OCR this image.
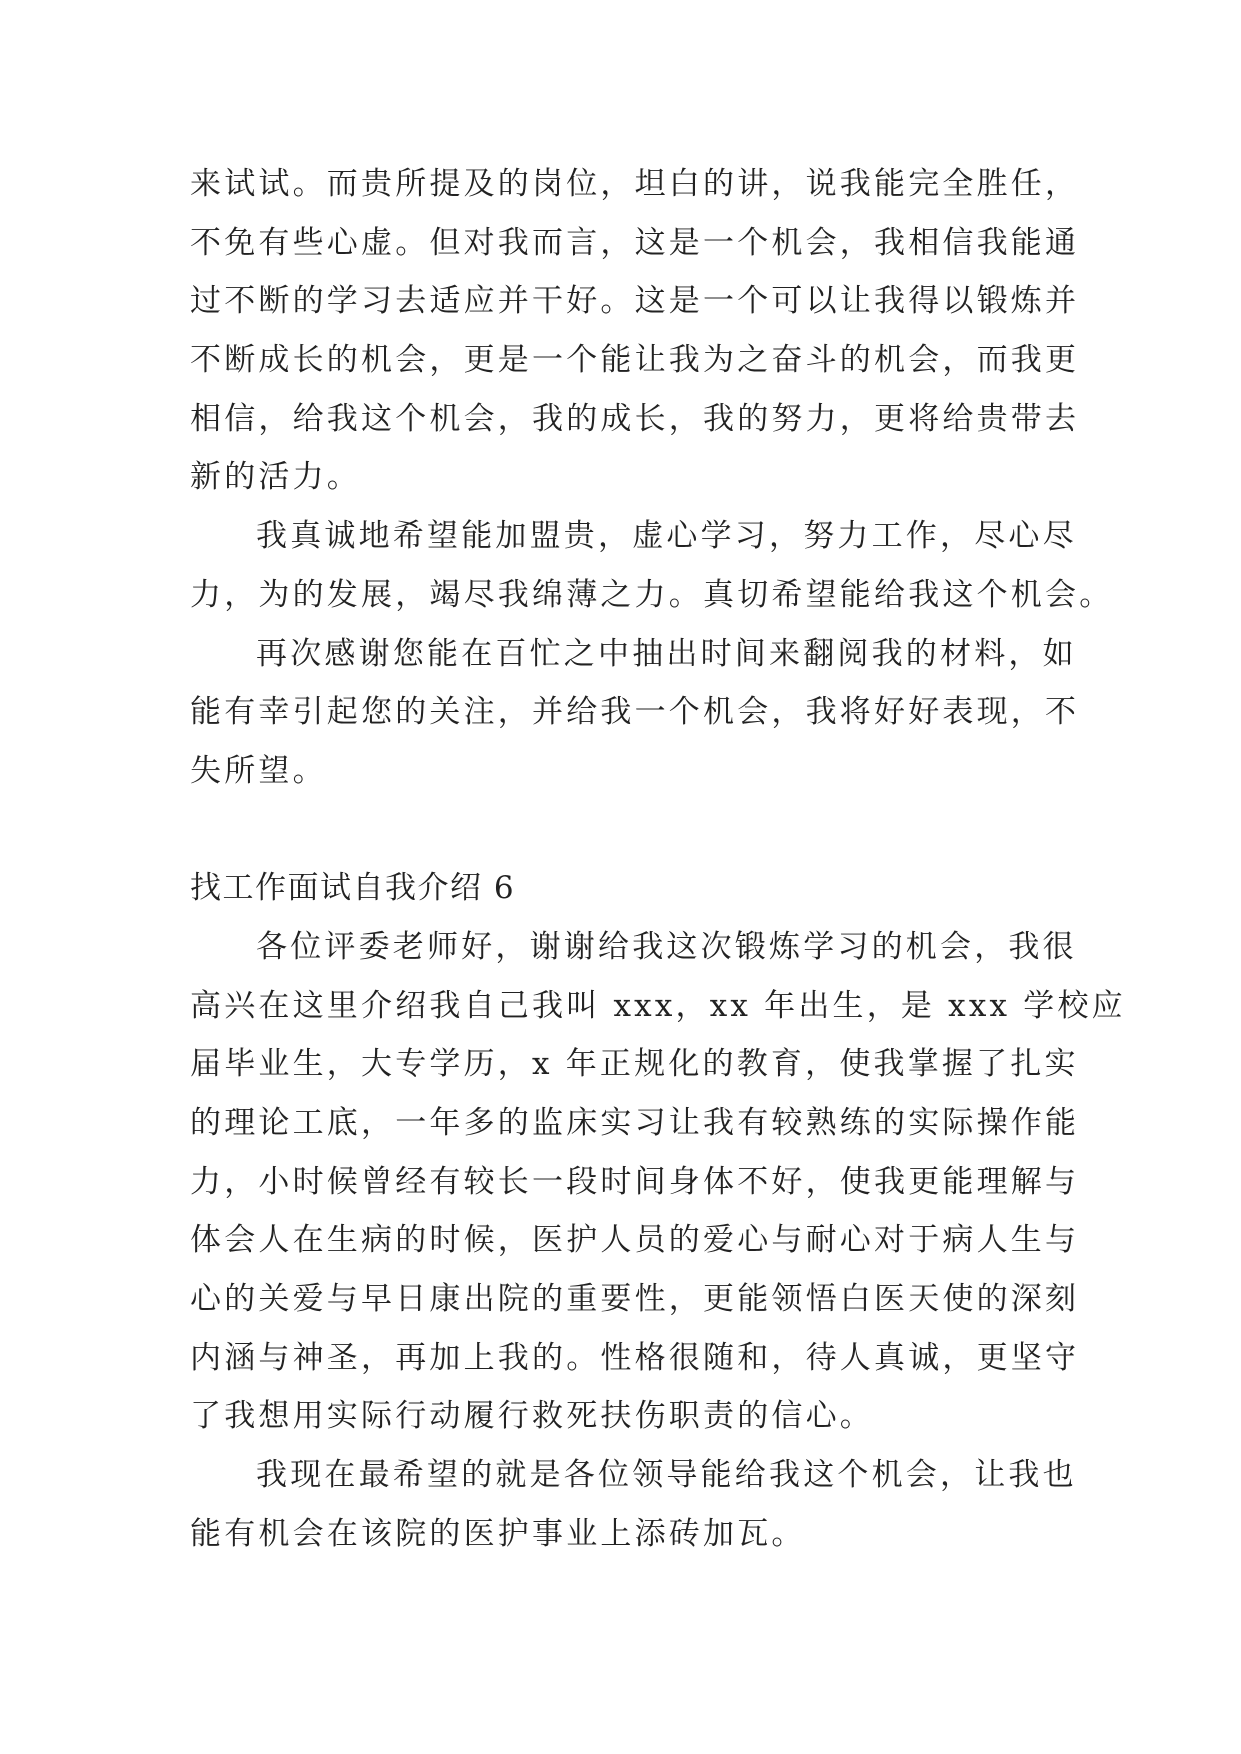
来试试。而贵所提及的岗位，坦白的讲，说我能完全胜任，
不免有些心虚。但对我而言，这是一个机会，我相信我能通
过不断的学习去适应并干好。这是一个可以让我得以锻炼并
不断成长的机会，更是一个能让我为之奋斗的机会，而我更
相信，给我这个机会，我的成长，我的努力，更将给贵带去
新的活力。
我真诚地希望能加盟贵，虚心学习，努力工作，尽心尽
力，为的发展，竭尽我绵薄之力。真切希望能给我这个机会。
再次感谢您能在百忙之中抽出时间来翻阅我的材料，如
能有幸引起您的关注，并给我一个机会，我将好好表现，不
失所望。
找工作面试自我介绍 6
各位评委老师好，谢谢给我这次锻炼学习的机会，我很
高兴在这里介绍我自己我叫 xxx，xx 年出生，是 xxx 学校应
届毕业生，大专学历，x 年正规化的教育，使我掌握了扎实
的理论工底，一年多的监床实习让我有较熟练的实际操作能
力，小时候曾经有较长一段时间身体不好，使我更能理解与
体会人在生病的时候，医护人员的爱心与耐心对于病人生与
心的关爱与早日康出院的重要性，更能领悟白医天使的深刻
内涵与神圣，再加上我的。性格很随和，待人真诚，更坚守
了我想用实际行动履行救死扶伤职责的信心。
我现在最希望的就是各位领导能给我这个机会，让我也
能有机会在该院的医护事业上添砖加瓦。
